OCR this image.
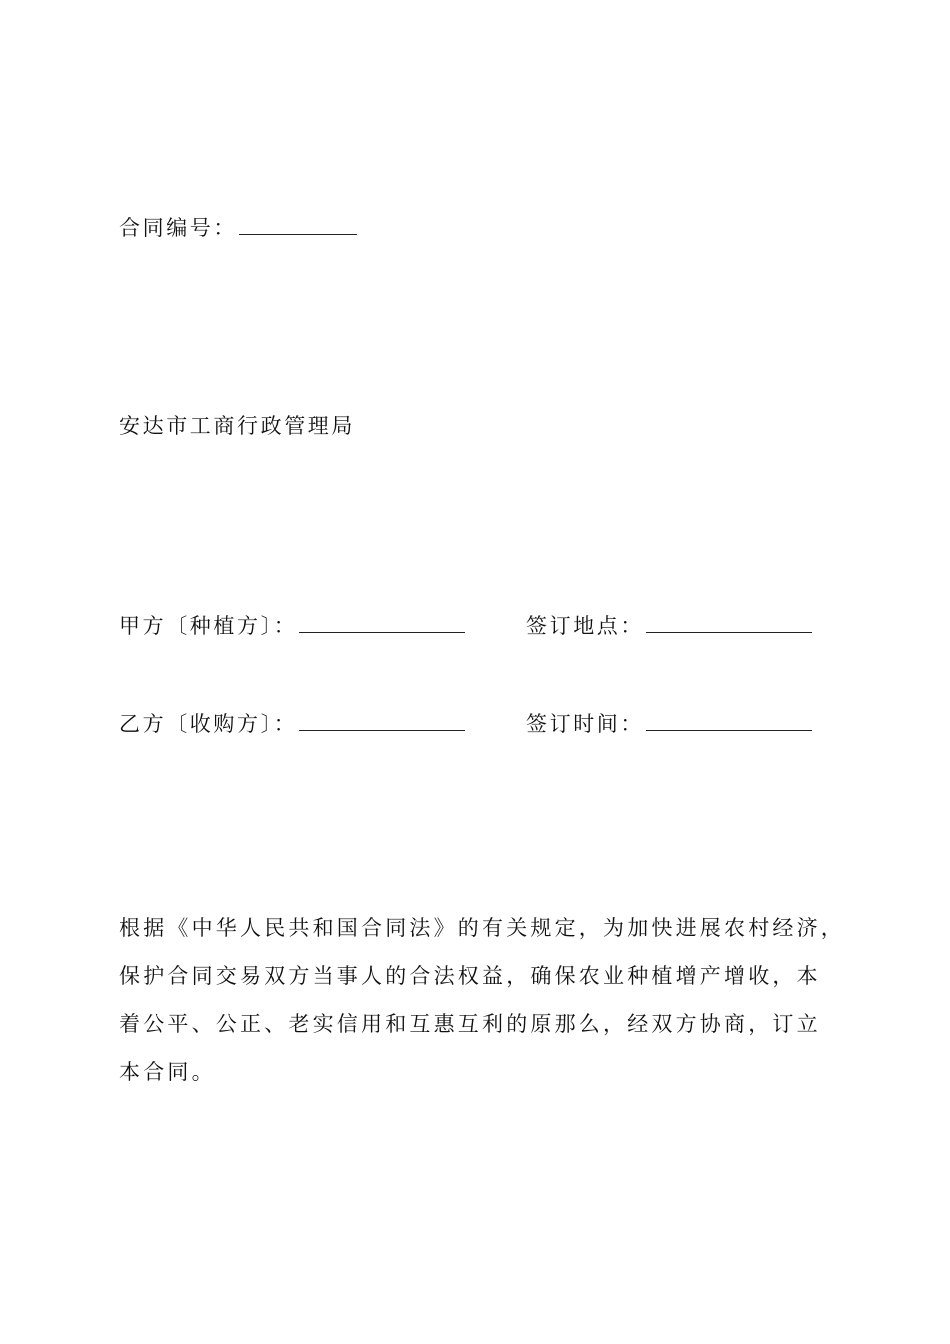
合同编号：
安达市工商行政管理局
甲方〔种植方〕：	签订地点：
乙方〔收购方〕：	签订时间：

根据《中华人民共和国合同法》的有关规定，为加快进展农村经济，

保护合同交易双方当事人的合法权益，确保农业种植增产增收，本

着公平、公正、老实信用和互惠互利的原那么，经双方协商，订立

本合同。
